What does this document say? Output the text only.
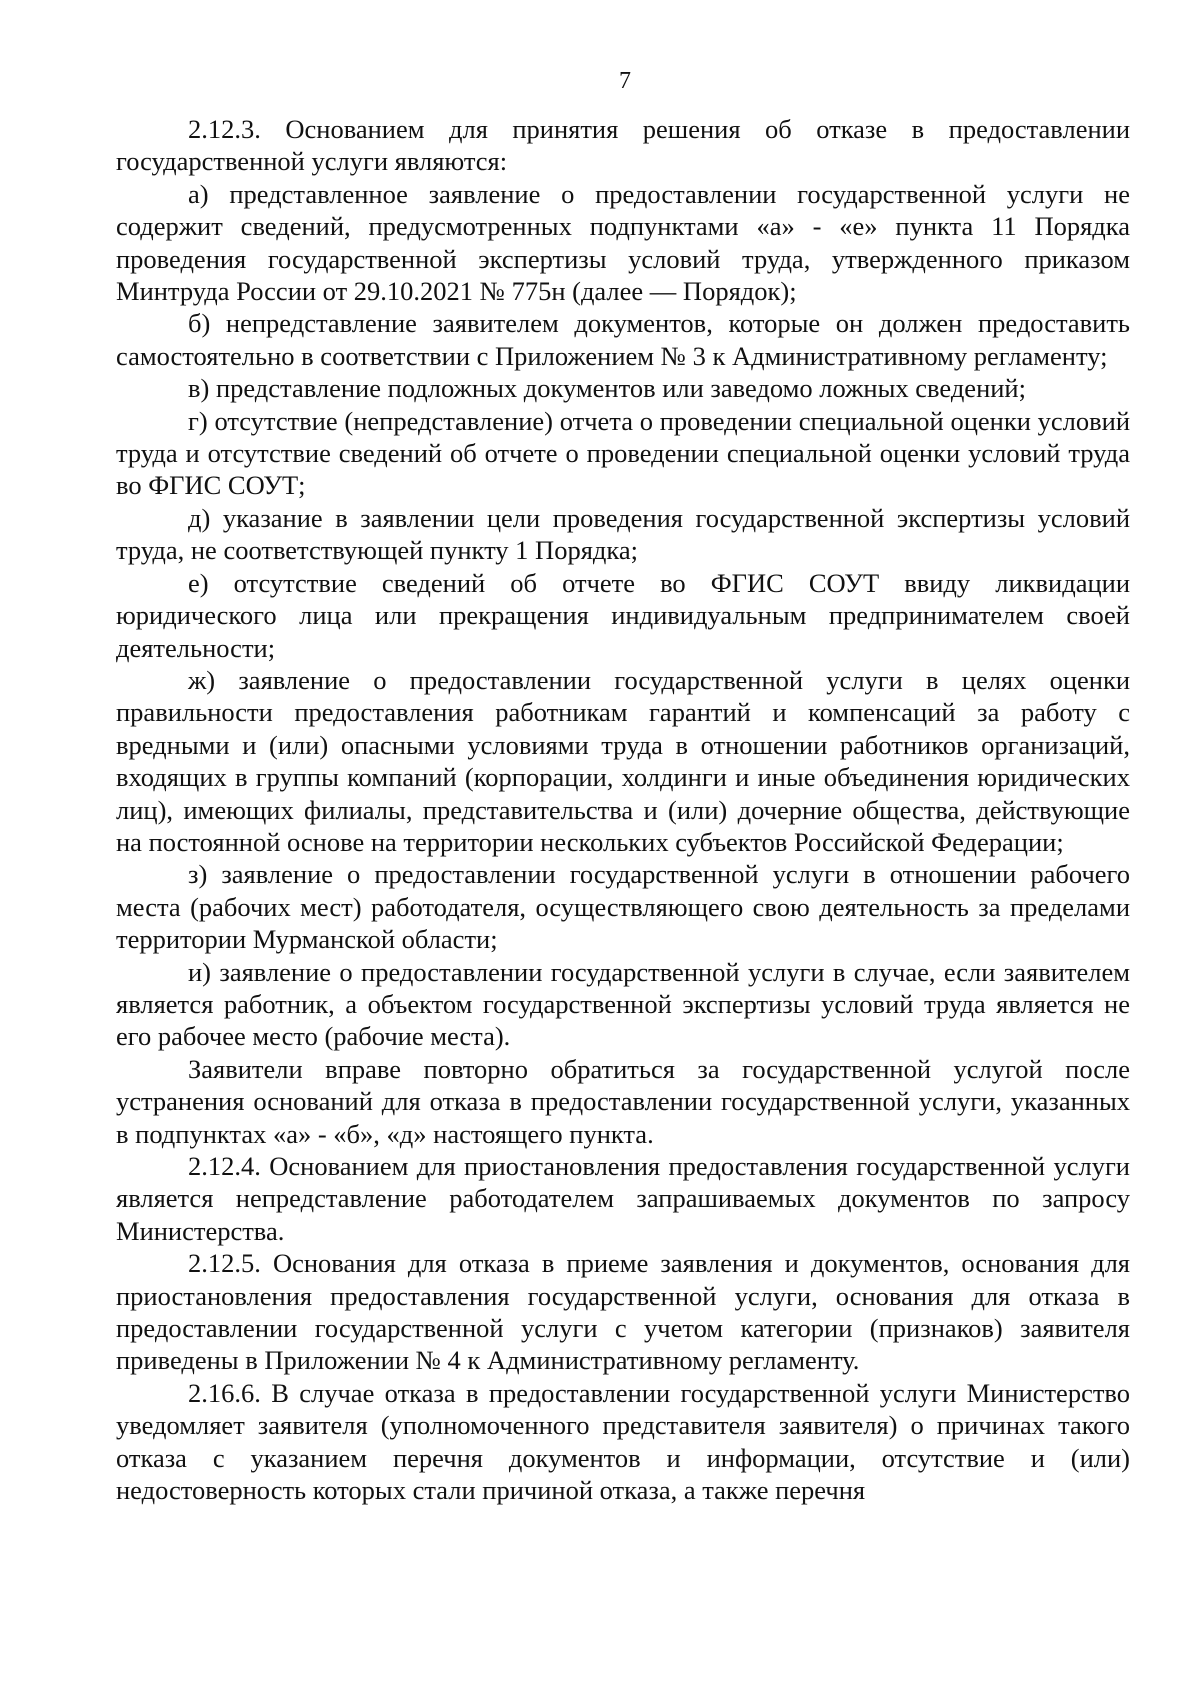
7

2.12.3. Основанием для принятия решения об отказе в предоставлении государственной услуги являются:

а) представленное заявление о предоставлении государственной услуги не содержит сведений, предусмотренных подпунктами «а» - «е» пункта 11 Порядка проведения государственной экспертизы условий труда, утвержденного приказом Минтруда России от 29.10.2021 № 775н (далее — Порядок);

б) непредставление заявителем документов, которые он должен предоставить самостоятельно в соответствии с Приложением № 3 к Административному регламенту;

в) представление подложных документов или заведомо ложных сведений;

г) отсутствие (непредставление) отчета о проведении специальной оценки условий труда и отсутствие сведений об отчете о проведении специальной оценки условий труда во ФГИС СОУТ;

д) указание в заявлении цели проведения государственной экспертизы условий труда, не соответствующей пункту 1 Порядка;

е) отсутствие сведений об отчете во ФГИС СОУТ ввиду ликвидации юридического лица или прекращения индивидуальным предпринимателем своей деятельности;

ж) заявление о предоставлении государственной услуги в целях оценки правильности предоставления работникам гарантий и компенсаций за работу с вредными и (или) опасными условиями труда в отношении работников организаций, входящих в группы компаний (корпорации, холдинги и иные объединения юридических лиц), имеющих филиалы, представительства и (или) дочерние общества, действующие на постоянной основе на территории нескольких субъектов Российской Федерации;

з) заявление о предоставлении государственной услуги в отношении рабочего места (рабочих мест) работодателя, осуществляющего свою деятельность за пределами территории Мурманской области;

и) заявление о предоставлении государственной услуги в случае, если заявителем является работник, а объектом государственной экспертизы условий труда является не его рабочее место (рабочие места).

Заявители вправе повторно обратиться за государственной услугой после устранения оснований для отказа в предоставлении государственной услуги, указанных в подпунктах «а» - «б», «д» настоящего пункта.

2.12.4. Основанием для приостановления предоставления государственной услуги является непредставление работодателем запрашиваемых документов по запросу Министерства.

2.12.5. Основания для отказа в приеме заявления и документов, основания для приостановления предоставления государственной услуги, основания для отказа в предоставлении государственной услуги с учетом категории (признаков) заявителя приведены в Приложении № 4 к Административному регламенту.

2.16.6. В случае отказа в предоставлении государственной услуги Министерство уведомляет заявителя (уполномоченного представителя заявителя) о причинах такого отказа с указанием перечня документов и информации, отсутствие и (или) недостоверность которых стали причиной отказа, а также перечня
